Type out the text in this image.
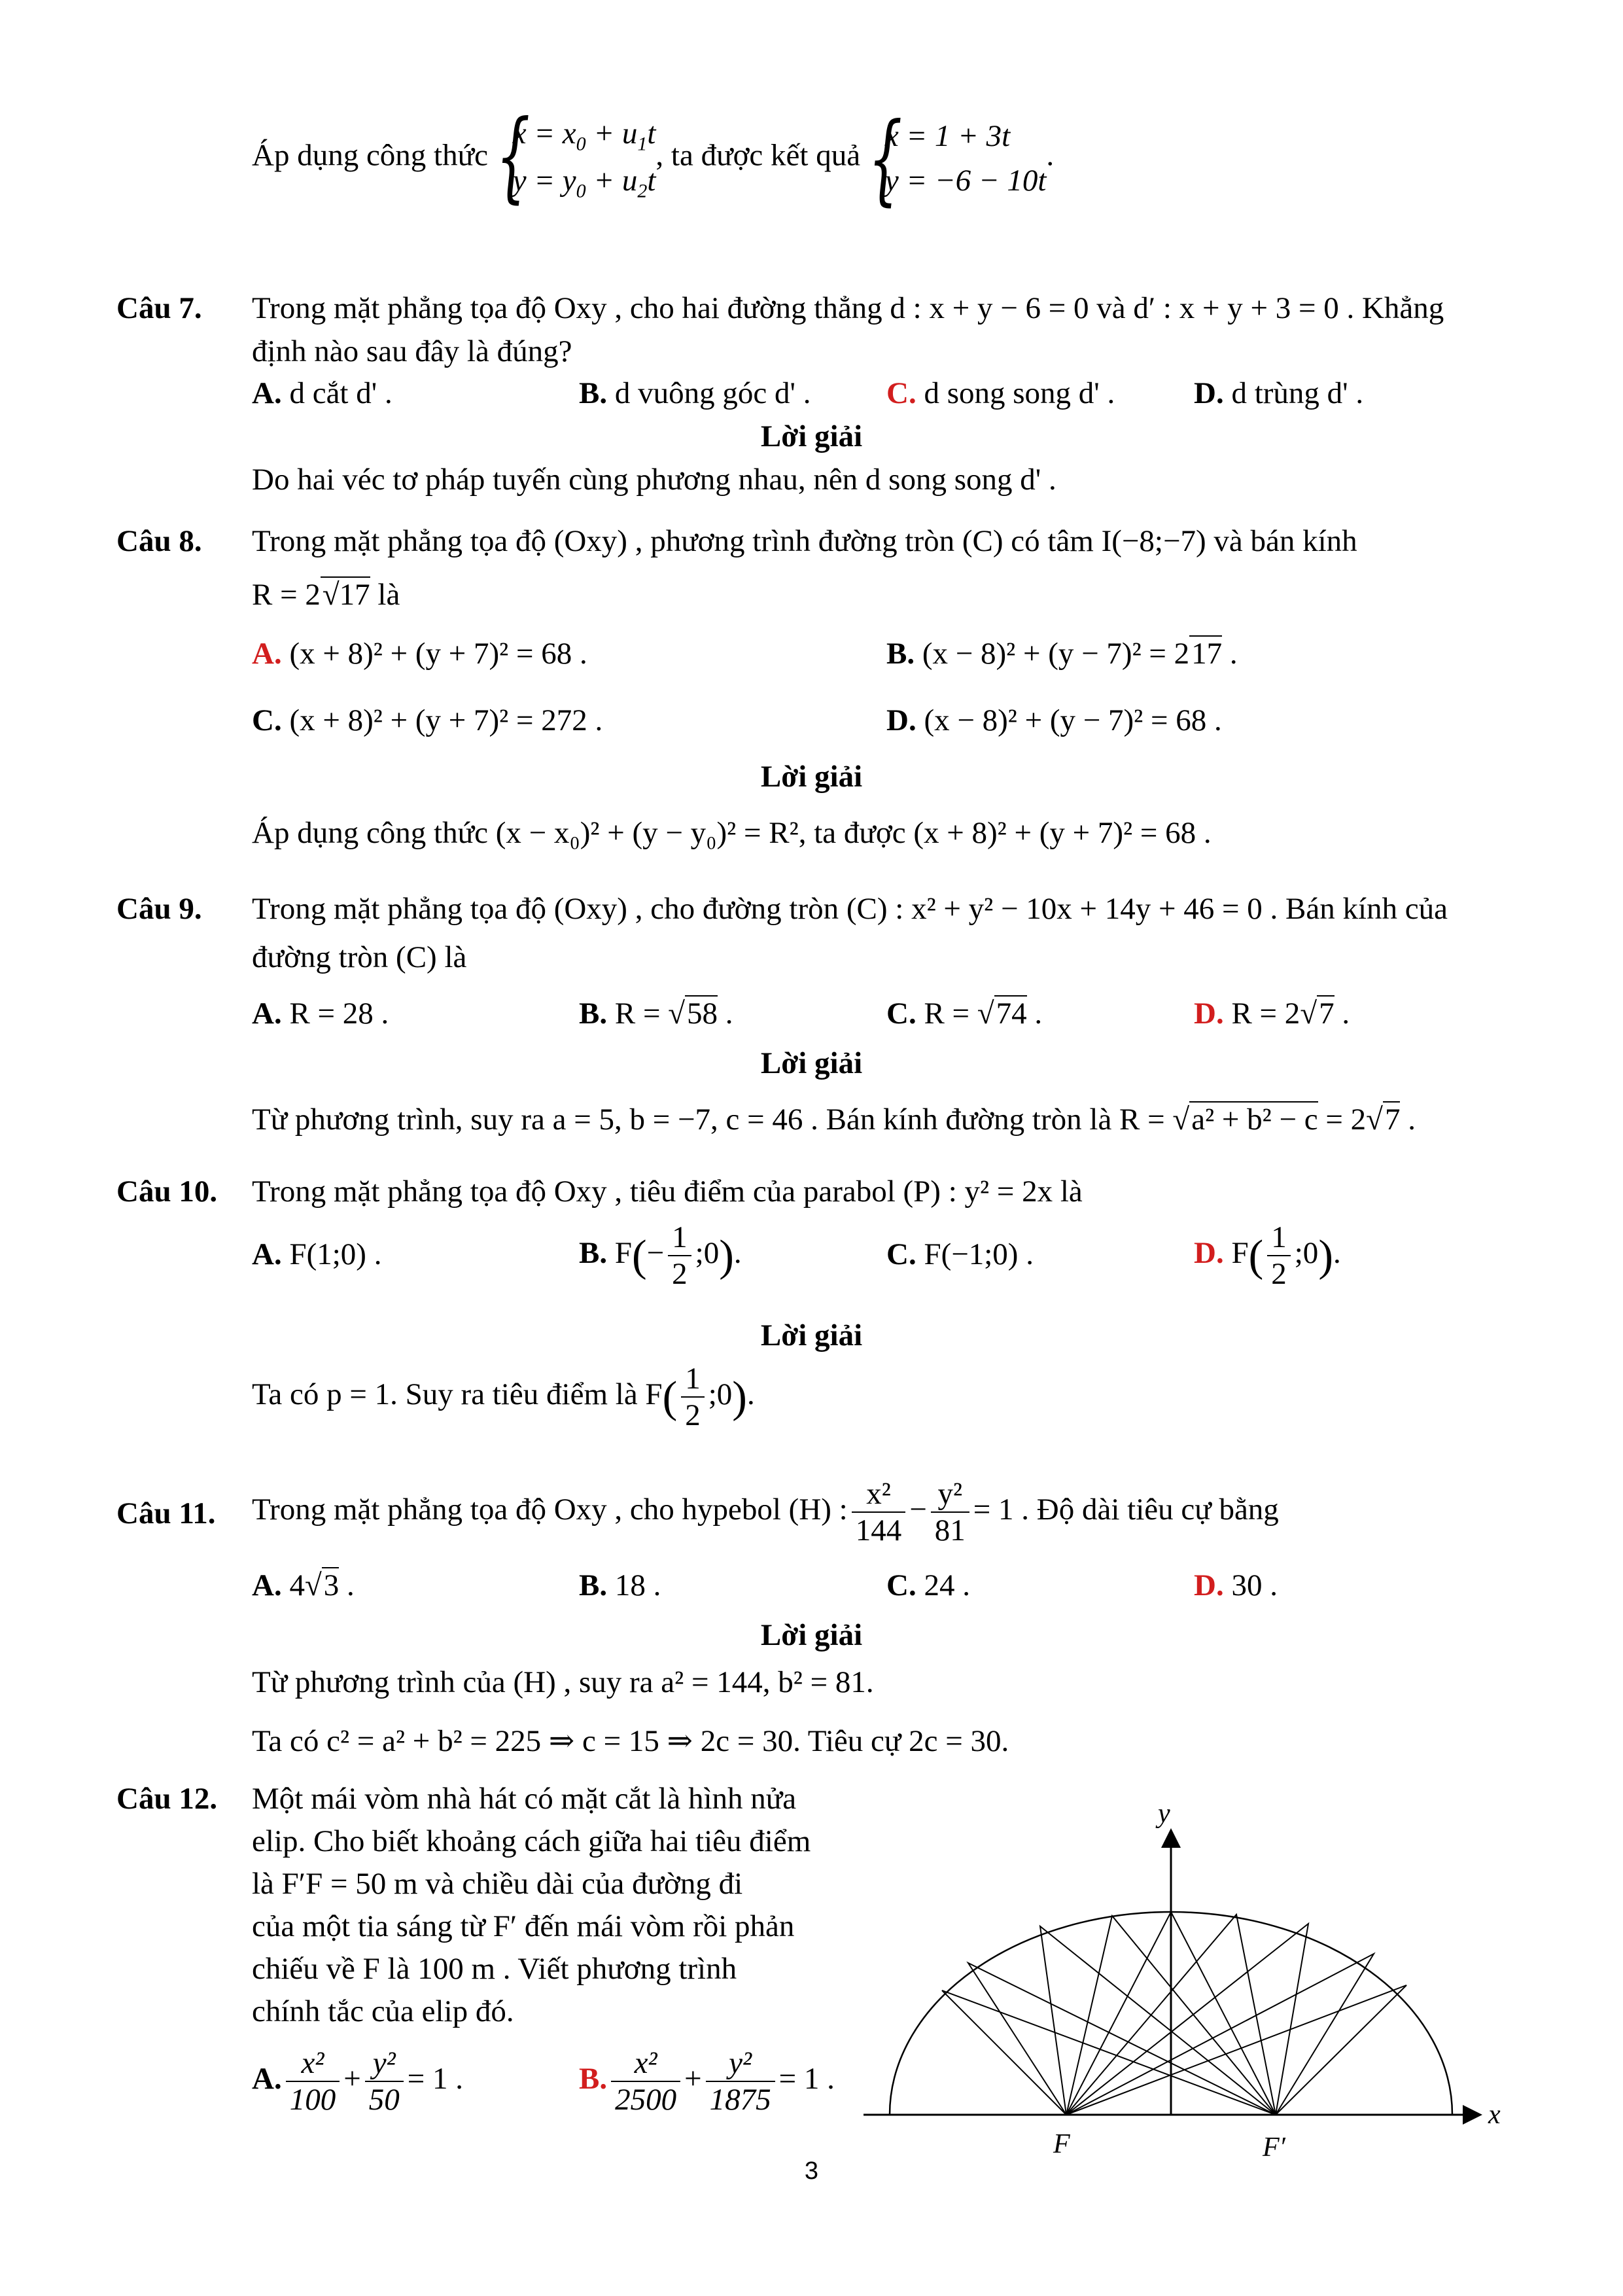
Áp dụng công thức {
$x = x_0 + u_1t$
$y = y_0 + u_2t$
, ta được kết quả {
x = 1 + 3t
y = −6 − 10t
.
Câu 7. Trong mặt phẳng tọa độ Oxy , cho hai đường thẳng d : x + y − 6 = 0 và d′ : x + y + 3 = 0 . Khẳng
định nào sau đây là đúng?
A. d cắt d' .	B. d vuông góc d' . C. d song song d' .	D. d trùng d' .
Lời giải
Do hai véc tơ pháp tuyến cùng phương nhau, nên d song song d' .
Câu 8. Trong mặt phẳng tọa độ (Oxy) , phương trình đường tròn (C) có tâm I(−8;−7) và bán kính
R = 2√17 là
A. (x + 8)² + (y + 7)² = 68 .	B. (x − 8)² + (y − 7)² = 217 .
C. (x + 8)² + (y + 7)² = 272 .	D. (x − 8)² + (y − 7)² = 68 .
Lời giải
Áp dụng công thức (x − x₀)² + (y − y₀)² = R², ta được (x + 8)² + (y + 7)² = 68 .
Câu 9. Trong mặt phẳng tọa độ (Oxy) , cho đường tròn (C) : x² + y² − 10x + 14y + 46 = 0 . Bán kính của
đường tròn (C) là
A. R = 28 .	B. R = √58 .	C. R = √74 .	D. R = 2√7 .
Lời giải
Từ phương trình, suy ra a = 5, b = −7, c = 46 . Bán kính đường tròn là R = √a² + b² − c = 2√7 .
Câu 10. Trong mặt phẳng tọa độ Oxy , tiêu điểm của parabol (P) : y² = 2x là
A. F(1;0) .	B. $F(- \frac{1}{2}$ ;0).	C. F(−1;0) .	D. $F( \frac{1}{2}$ ;0).
Lời giải
Ta có p = 1. Suy ra tiêu điểm là $F( \frac{1}{2}$ ;0).
Câu 11. Trong mặt phẳng tọa độ Oxy , cho hypebol (H) : $\frac{\text{x²}}{144} - \frac{\text{y²}}{81} = 1$ . Độ dài tiêu cự bằng
A. 4√3 .	B. 18 .	C. 24 .	D. 30 .
Lời giải
Từ phương trình của (H) , suy ra a² = 144, b² = 81.
Ta có c² = a² + b² = 225 ⇒ c = 15 ⇒ 2c = 30. Tiêu cự 2c = 30.
Câu 12. Một mái vòm nhà hát có mặt cắt là hình nửa
elip. Cho biết khoảng cách giữa hai tiêu điểm
là F′F = 50 m và chiều dài của đường đi
của một tia sáng từ F′ đến mái vòm rồi phản
chiếu về F là 100 m . Viết phương trình
chính tắc của elip đó.
A. $\frac{\text{x²}}{100} + \frac{\text{y²}}{50} = 1$ .	B. $\frac{\text{x²}}{2500} + \frac{\text{y²}}{1875} = 1$ .
y
x
F	F′
3
